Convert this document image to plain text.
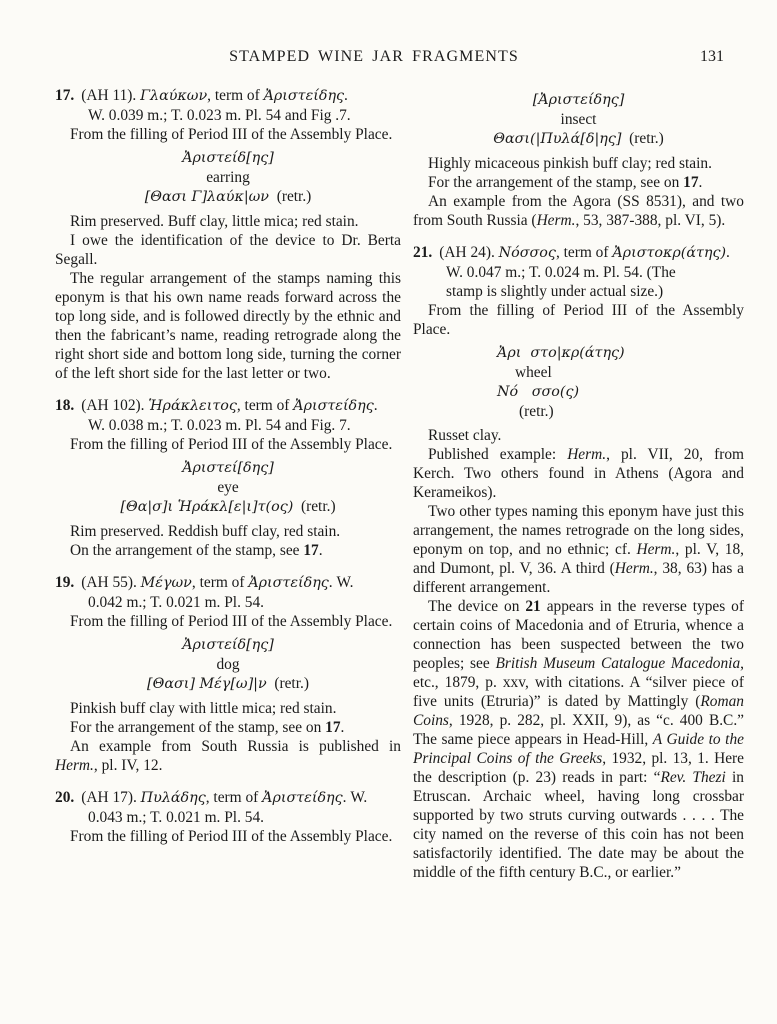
STAMPED WINE JAR FRAGMENTS	131

17. (AH 11). Γλαύκων, term of Ἀριστείδης.
W. 0.039 m.; T. 0.023 m. Pl. 54 and Fig .7.

From the filling of Period III of the Assembly Place.

Ἀριστείδ[ης]
earring
[Θασι Γ]λαύκ|ων  (retr.)

Rim preserved. Buff clay, little mica; red stain.

I owe the identification of the device to Dr. Berta Segall.

The regular arrangement of the stamps naming this eponym is that his own name reads forward across the top long side, and is followed directly by the ethnic and then the fabricant’s name, reading retrograde along the right short side and bottom long side, turning the corner of the left short side for the last letter or two.

18. (AH 102). Ἡράκλειτος, term of Ἀριστείδης.
W. 0.038 m.; T. 0.023 m. Pl. 54 and Fig. 7.

From the filling of Period III of the Assembly Place.

Ἀριστεί[δης]
eye
[Θα|σ]ι Ἡράκλ[ε|ι]τ(ος)  (retr.)

Rim preserved. Reddish buff clay, red stain.

On the arrangement of the stamp, see 17.

19. (AH 55). Μέγων, term of Ἀριστείδης. W.
0.042 m.; T. 0.021 m. Pl. 54.

From the filling of Period III of the Assembly Place.

Ἀριστείδ[ης]
dog
[Θασι] Μέγ[ω]|ν  (retr.)

Pinkish buff clay with little mica; red stain.

For the arrangement of the stamp, see on 17.

An example from South Russia is published in Herm., pl. IV, 12.

20. (AH 17). Πυλάδης, term of Ἀριστείδης. W.
0.043 m.; T. 0.021 m. Pl. 54.

From the filling of Period III of the Assembly Place.

[Ἀριστείδης]
insect
Θασι(|Πυλά[δ|ης]  (retr.)

Highly micaceous pinkish buff clay; red stain.

For the arrangement of the stamp, see on 17.

An example from the Agora (SS 8531), and two from South Russia (Herm., 53, 387-388, pl. VI, 5).

21. (AH 24). Νόσσος, term of Ἀριστοκρ(άτης).
W. 0.047 m.; T. 0.024 m. Pl. 54. (The
stamp is slightly under actual size.)

From the filling of Period III of the Assembly Place.

Ἀρι  στο|κρ(άτης)
wheel
Νό   σσο(ς)
(retr.)

Russet clay.

Published example: Herm., pl. VII, 20, from Kerch. Two others found in Athens (Agora and Kerameikos).

Two other types naming this eponym have just this arrangement, the names retrograde on the long sides, eponym on top, and no ethnic; cf. Herm., pl. V, 18, and Dumont, pl. V, 36. A third (Herm., 38, 63) has a different arrangement.

The device on 21 appears in the reverse types of certain coins of Macedonia and of Etruria, whence a connection has been suspected between the two peoples; see British Museum Catalogue Macedonia, etc., 1879, p. xxv, with citations. A “silver piece of five units (Etruria)” is dated by Mattingly (Roman Coins, 1928, p. 282, pl. XXII, 9), as “c. 400 B.C.” The same piece appears in Head-Hill, A Guide to the Principal Coins of the Greeks, 1932, pl. 13, 1. Here the description (p. 23) reads in part: “Rev. Thezi in Etruscan. Archaic wheel, having long crossbar supported by two struts curving outwards . . . . The city named on the reverse of this coin has not been satisfactorily identified. The date may be about the middle of the fifth century B.C., or earlier.”
